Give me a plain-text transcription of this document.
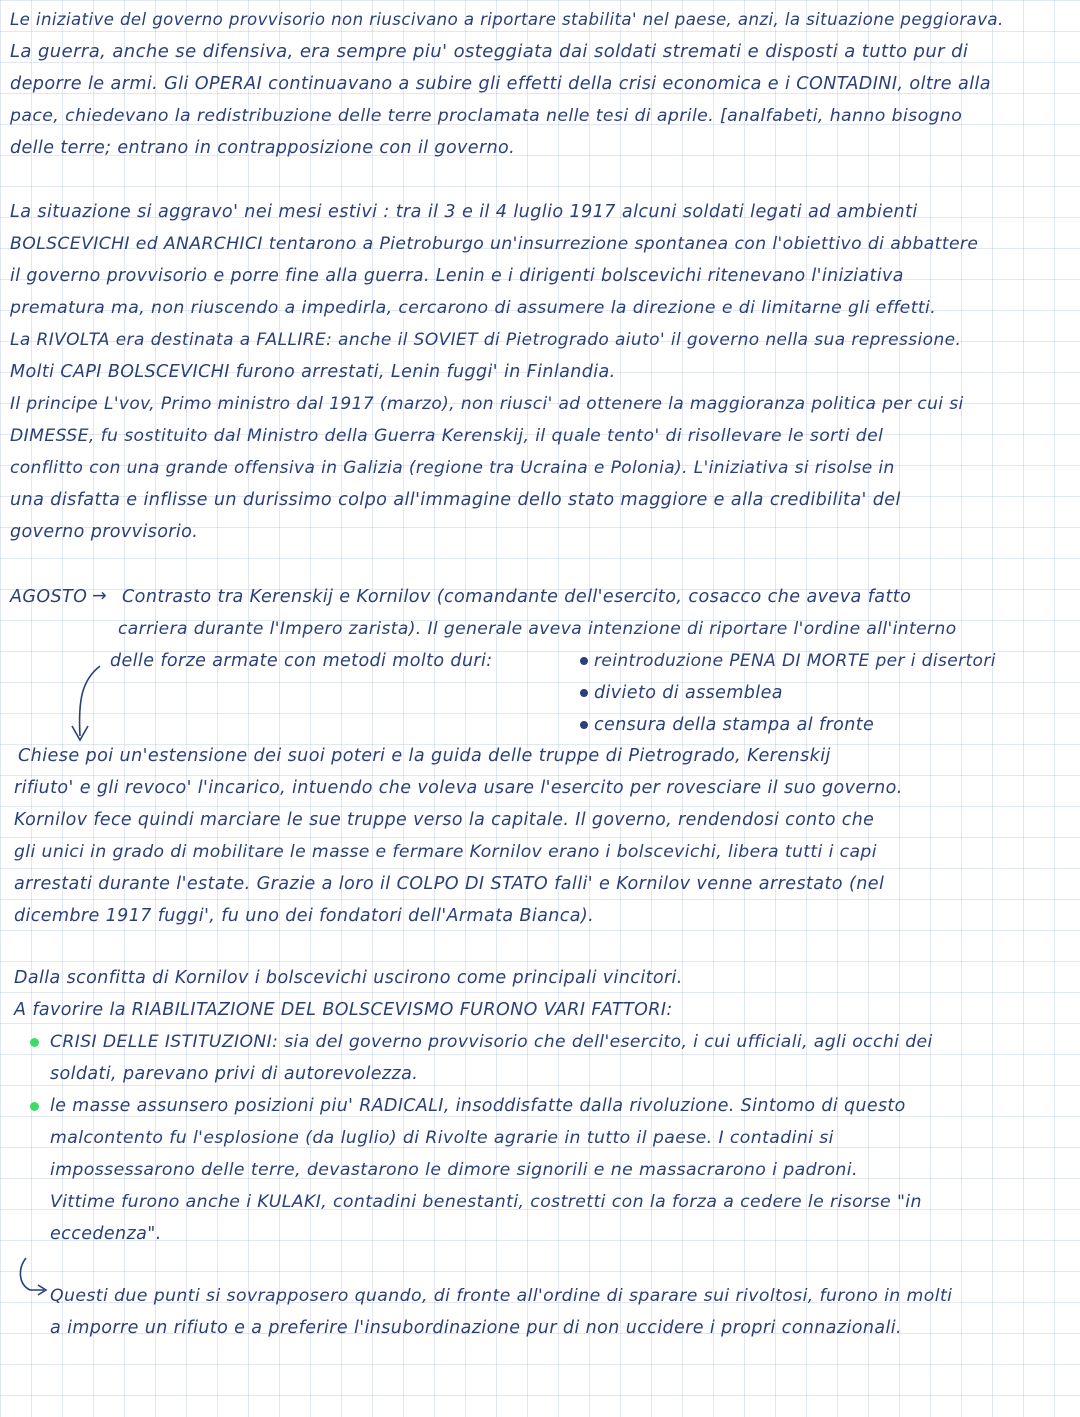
Le iniziative del governo provvisorio non riuscivano a riportare stabilita' nel paese, anzi, la situazione peggiorava.
La guerra, anche se difensiva, era sempre piu' osteggiata dai soldati stremati e disposti a tutto pur di
deporre le armi. Gli OPERAI continuavano a subire gli effetti della crisi economica e i CONTADINI, oltre alla
pace, chiedevano la redistribuzione delle terre proclamata nelle tesi di aprile. [analfabeti, hanno bisogno
delle terre; entrano in contrapposizione con il governo.
La situazione si aggravo' nei mesi estivi : tra il 3 e il 4 luglio 1917 alcuni soldati legati ad ambienti
BOLSCEVICHI ed ANARCHICI tentarono a Pietroburgo un'insurrezione spontanea con l'obiettivo di abbattere
il governo provvisorio e porre fine alla guerra. Lenin e i dirigenti bolscevichi ritenevano l'iniziativa
prematura ma, non riuscendo a impedirla, cercarono di assumere la direzione e di limitarne gli effetti.
La RIVOLTA era destinata a FALLIRE: anche il SOVIET di Pietrogrado aiuto' il governo nella sua repressione.
Molti CAPI BOLSCEVICHI furono arrestati, Lenin fuggi' in Finlandia.
Il principe L'vov, Primo ministro dal 1917 (marzo), non riusci' ad ottenere la maggioranza politica per cui si
DIMESSE, fu sostituito dal Ministro della Guerra Kerenskij, il quale tento' di risollevare le sorti del
conflitto con una grande offensiva in Galizia (regione tra Ucraina e Polonia). L'iniziativa si risolse in
una disfatta e inflisse un durissimo colpo all'immagine dello stato maggiore e alla credibilita' del
governo provvisorio.
AGOSTO → Contrasto tra Kerenskij e Kornilov (comandante dell'esercito, cosacco che aveva fatto
carriera durante l'Impero zarista). Il generale aveva intenzione di riportare l'ordine all'interno
delle forze armate con metodi molto duri:	reintroduzione PENA DI MORTE per i disertori
divieto di assemblea
censura della stampa al fronte
Chiese poi un'estensione dei suoi poteri e la guida delle truppe di Pietrogrado, Kerenskij
rifiuto' e gli revoco' l'incarico, intuendo che voleva usare l'esercito per rovesciare il suo governo.
Kornilov fece quindi marciare le sue truppe verso la capitale. Il governo, rendendosi conto che
gli unici in grado di mobilitare le masse e fermare Kornilov erano i bolscevichi, libera tutti i capi
arrestati durante l'estate. Grazie a loro il COLPO DI STATO falli' e Kornilov venne arrestato (nel
dicembre 1917 fuggi', fu uno dei fondatori dell'Armata Bianca).
Dalla sconfitta di Kornilov i bolscevichi uscirono come principali vincitori.
A favorire la RIABILITAZIONE DEL BOLSCEVISMO FURONO VARI FATTORI:
CRISI DELLE ISTITUZIONI: sia del governo provvisorio che dell'esercito, i cui ufficiali, agli occhi dei
soldati, parevano privi di autorevolezza.
le masse assunsero posizioni piu' RADICALI, insoddisfatte dalla rivoluzione. Sintomo di questo
malcontento fu l'esplosione (da luglio) di Rivolte agrarie in tutto il paese. I contadini si
impossessarono delle terre, devastarono le dimore signorili e ne massacrarono i padroni.
Vittime furono anche i KULAKI, contadini benestanti, costretti con la forza a cedere le risorse "in
eccedenza".
Questi due punti si sovrapposero quando, di fronte all'ordine di sparare sui rivoltosi, furono in molti
a imporre un rifiuto e a preferire l'insubordinazione pur di non uccidere i propri connazionali.
